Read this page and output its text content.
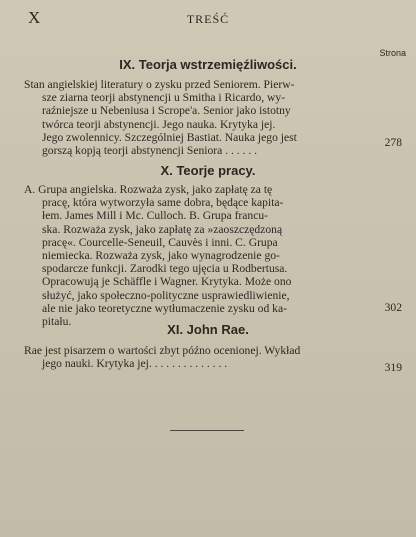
X	TREŚĆ
Strona
IX. Teorja wstrzemięźliwości.
Stan angielskiej literatury o zysku przed Seniorem. Pierw-
sze ziarna teorji abstynencji u Smitha i Ricardo, wy-
raźniejsze u Nebeniusa i Scrope'a. Senior jako istotny
twórca teorji abstynencji. Jego nauka. Krytyka jej.
Jego zwolennicy. Szczególniej Bastiat. Nauka jego jest
gorszą kopją teorji abstynencji Seniora . . . . . .
278
X. Teorje pracy.
A. Grupa angielska. Rozważa zysk, jako zapłatę za tę
pracę, która wytworzyła same dobra, będące kapita-
łem. James Mill i Mc. Culloch. B. Grupa francu-
ska. Rozważa zysk, jako zapłatę za »zaoszczędzoną
pracę«. Courcelle-Seneuil, Cauvès i inni. C. Grupa
niemiecka. Rozważa zysk, jako wynagrodzenie go-
spodarcze funkcji. Zarodki tego ujęcia u Rodbertusa.
Opracowują je Schäffle i Wagner. Krytyka. Może ono
służyć, jako społeczno-polityczne usprawiedliwienie,
ale nie jako teoretyczne wytłumaczenie zysku od ka-
pitału.
302
XI. John Rae.
Rae jest pisarzem o wartości zbyt późno ocenionej. Wykład
jego nauki. Krytyka jej. . . . . . . . . . . . . .	319
